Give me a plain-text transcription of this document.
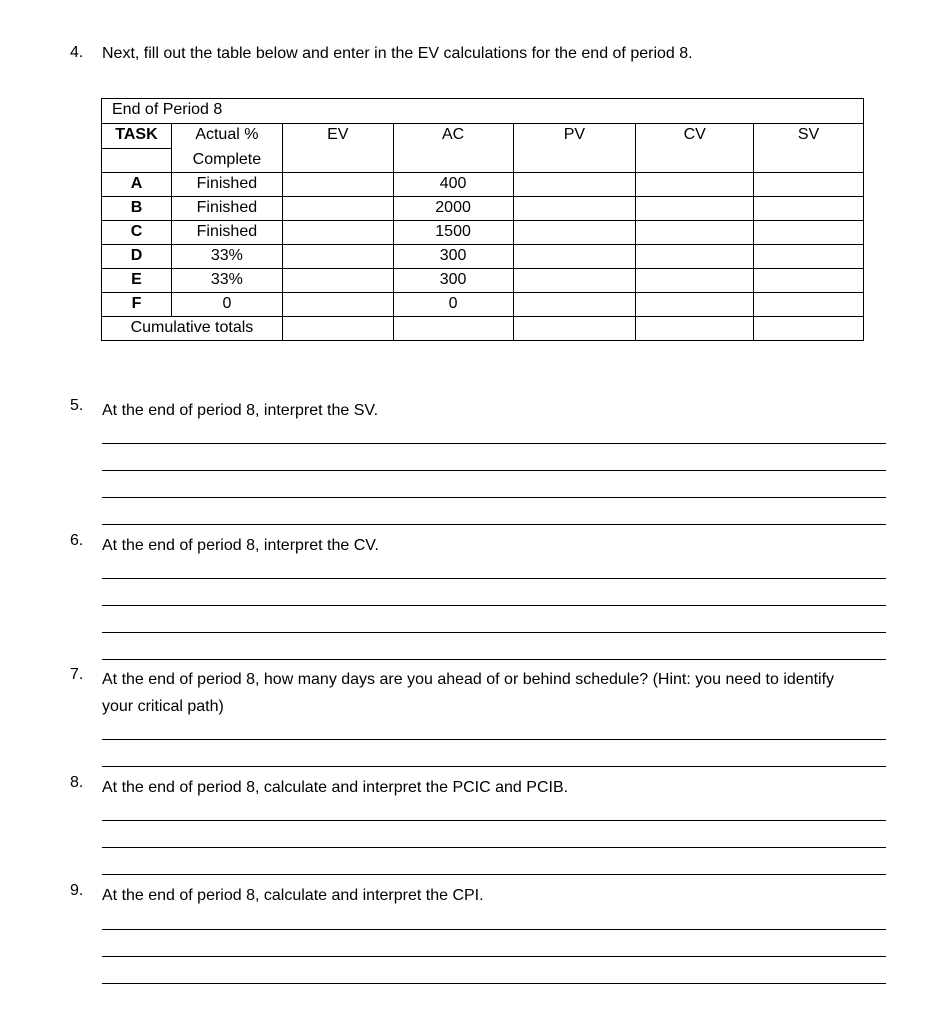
4. Next, fill out the table below and enter in the EV calculations for the end of period 8.
End of Period 8						
TASK	Actual %	EV	AC	PV	CV	SV
	Complete					
A	Finished		400			
B	Finished		2000			
C	Finished		1500			
D	33%		300			
E	33%		300			
F	0		0			
Cumulative totals						
5. At the end of period 8, interpret the SV.
6. At the end of period 8, interpret the CV.
7. At the end of period 8, how many days are you ahead of or behind schedule? (Hint: you need to identify your critical path)
8. At the end of period 8, calculate and interpret the PCIC and PCIB.
9. At the end of period 8, calculate and interpret the CPI.
